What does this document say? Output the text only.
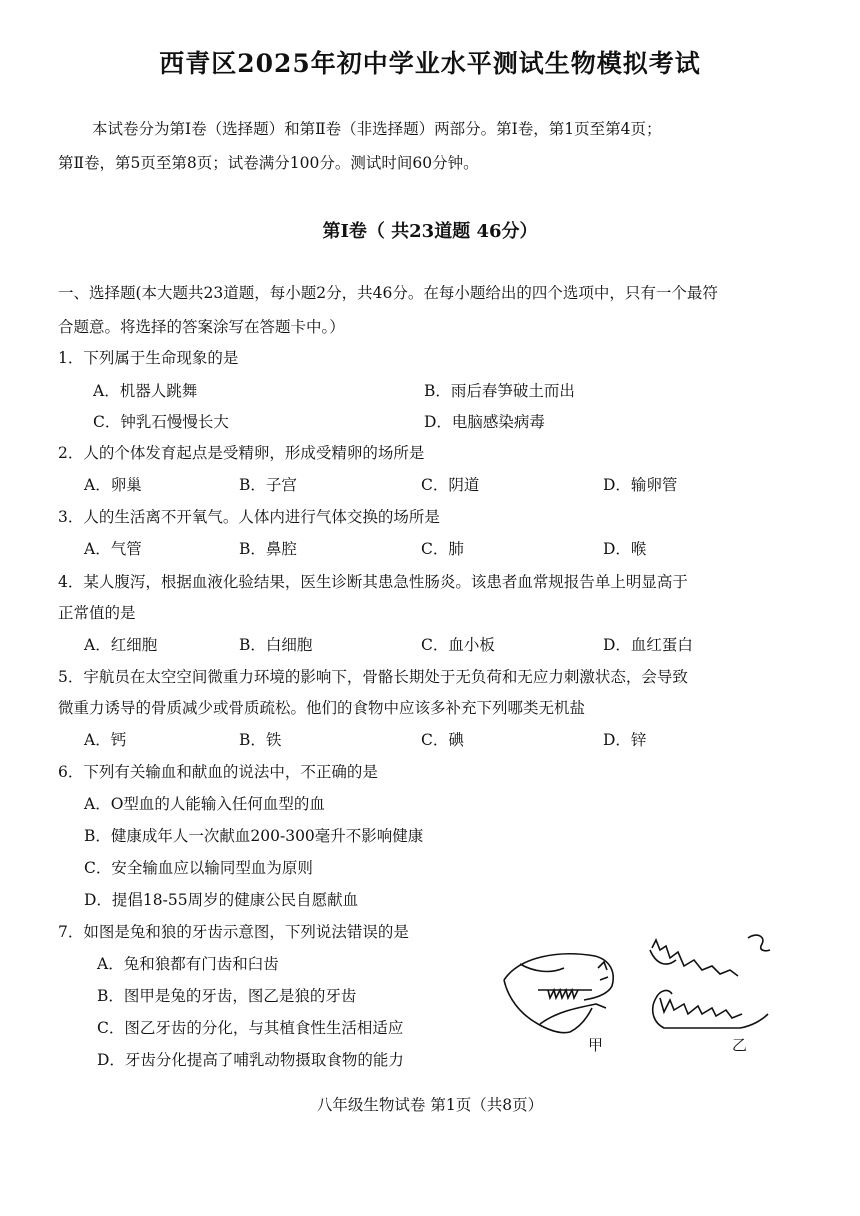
西青区2025年初中学业水平测试生物模拟考试
本试卷分为第Ⅰ卷（选择题）和第Ⅱ卷（非选择题）两部分。第Ⅰ卷，第1页至第4页；
第Ⅱ卷，第5页至第8页；试卷满分100分。测试时间60分钟。
第Ⅰ卷（ 共23道题 46分）
一、选择题(本大题共23道题，每小题2分，共46分。在每小题给出的四个选项中，只有一个最符
合题意。将选择的答案涂写在答题卡中。）
1．下列属于生命现象的是
A．机器人跳舞	B．雨后春笋破土而出
C．钟乳石慢慢长大	D．电脑感染病毒
2．人的个体发育起点是受精卵，形成受精卵的场所是
A．卵巢	B．子宫	C．阴道	D．输卵管
3．人的生活离不开氧气。人体内进行气体交换的场所是
A．气管	B．鼻腔	C．肺	D．喉
4．某人腹泻，根据血液化验结果，医生诊断其患急性肠炎。该患者血常规报告单上明显高于
正常值的是
A．红细胞	B．白细胞	C．血小板	D．血红蛋白
5．宇航员在太空空间微重力环境的影响下，骨骼长期处于无负荷和无应力刺激状态，会导致
微重力诱导的骨质减少或骨质疏松。他们的食物中应该多补充下列哪类无机盐
A．钙	B．铁	C．碘	D．锌
6．下列有关输血和献血的说法中，不正确的是
A．O型血的人能输入任何血型的血
B．健康成年人一次献血200-300毫升不影响健康
C．安全输血应以输同型血为原则
D．提倡18-55周岁的健康公民自愿献血
7．如图是兔和狼的牙齿示意图，下列说法错误的是
A．兔和狼都有门齿和臼齿
B．图甲是兔的牙齿，图乙是狼的牙齿
C．图乙牙齿的分化，与其植食性生活相适应
D．牙齿分化提高了哺乳动物摄取食物的能力
甲	乙
八年级生物试卷 第1页（共8页）
